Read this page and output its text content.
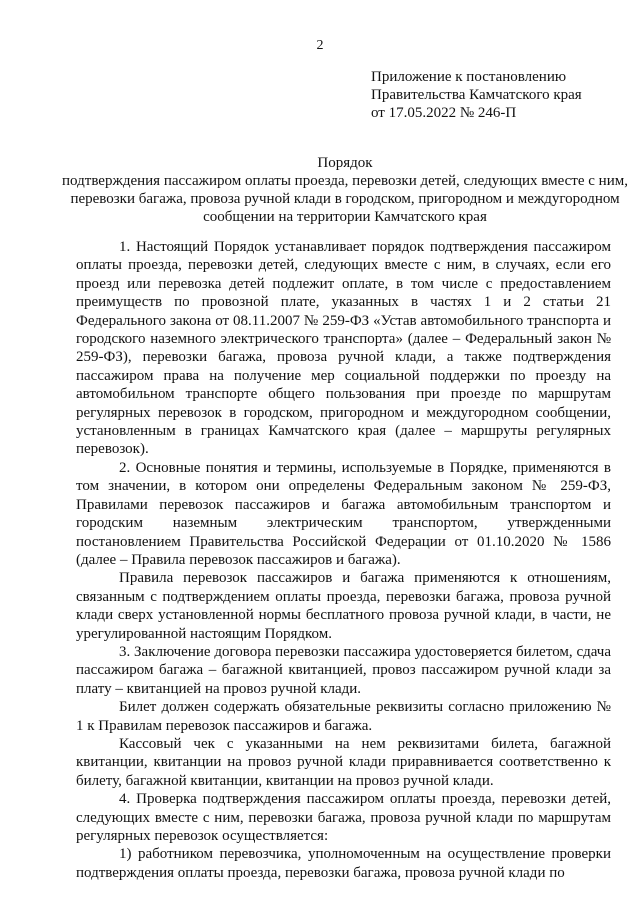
2
Приложение к постановлению
Правительства Камчатского края
от 17.05.2022 № 246-П
Порядок
подтверждения пассажиром оплаты проезда, перевозки детей, следующих вместе с ним, перевозки багажа, провоза ручной клади в городском, пригородном и междугородном сообщении на территории Камчатского края

1. Настоящий Порядок устанавливает порядок подтверждения пассажиром оплаты проезда, перевозки детей, следующих вместе с ним, в случаях, если его проезд или перевозка детей подлежит оплате, в том числе с предоставлением преимуществ по провозной плате, указанных в частях 1 и 2 статьи 21 Федерального закона от 08.11.2007 № 259-ФЗ «Устав автомобильного транспорта и городского наземного электрического транспорта» (далее – Федеральный закон № 259-ФЗ), перевозки багажа, провоза ручной клади, а также подтверждения пассажиром права на получение мер социальной поддержки по проезду на автомобильном транспорте общего пользования при проезде по маршрутам регулярных перевозок в городском, пригородном и междугородном сообщении, установленным в границах Камчатского края (далее – маршруты регулярных перевозок).

2. Основные понятия и термины, используемые в Порядке, применяются в том значении, в котором они определены Федеральным законом № 259-ФЗ, Правилами перевозок пассажиров и багажа автомобильным транспортом и городским наземным электрическим транспортом, утвержденными постановлением Правительства Российской Федерации от 01.10.2020 № 1586 (далее – Правила перевозок пассажиров и багажа).

Правила перевозок пассажиров и багажа применяются к отношениям, связанным с подтверждением оплаты проезда, перевозки багажа, провоза ручной клади сверх установленной нормы бесплатного провоза ручной клади, в части, не урегулированной настоящим Порядком.

3. Заключение договора перевозки пассажира удостоверяется билетом, сдача пассажиром багажа – багажной квитанцией, провоз пассажиром ручной клади за плату – квитанцией на провоз ручной клади.

Билет должен содержать обязательные реквизиты согласно приложению № 1 к Правилам перевозок пассажиров и багажа.

Кассовый чек с указанными на нем реквизитами билета, багажной квитанции, квитанции на провоз ручной клади приравнивается соответственно к билету, багажной квитанции, квитанции на провоз ручной клади.

4. Проверка подтверждения пассажиром оплаты проезда, перевозки детей, следующих вместе с ним, перевозки багажа, провоза ручной клади по маршрутам регулярных перевозок осуществляется:

1) работником перевозчика, уполномоченным на осуществление проверки подтверждения оплаты проезда, перевозки багажа, провоза ручной клади по
